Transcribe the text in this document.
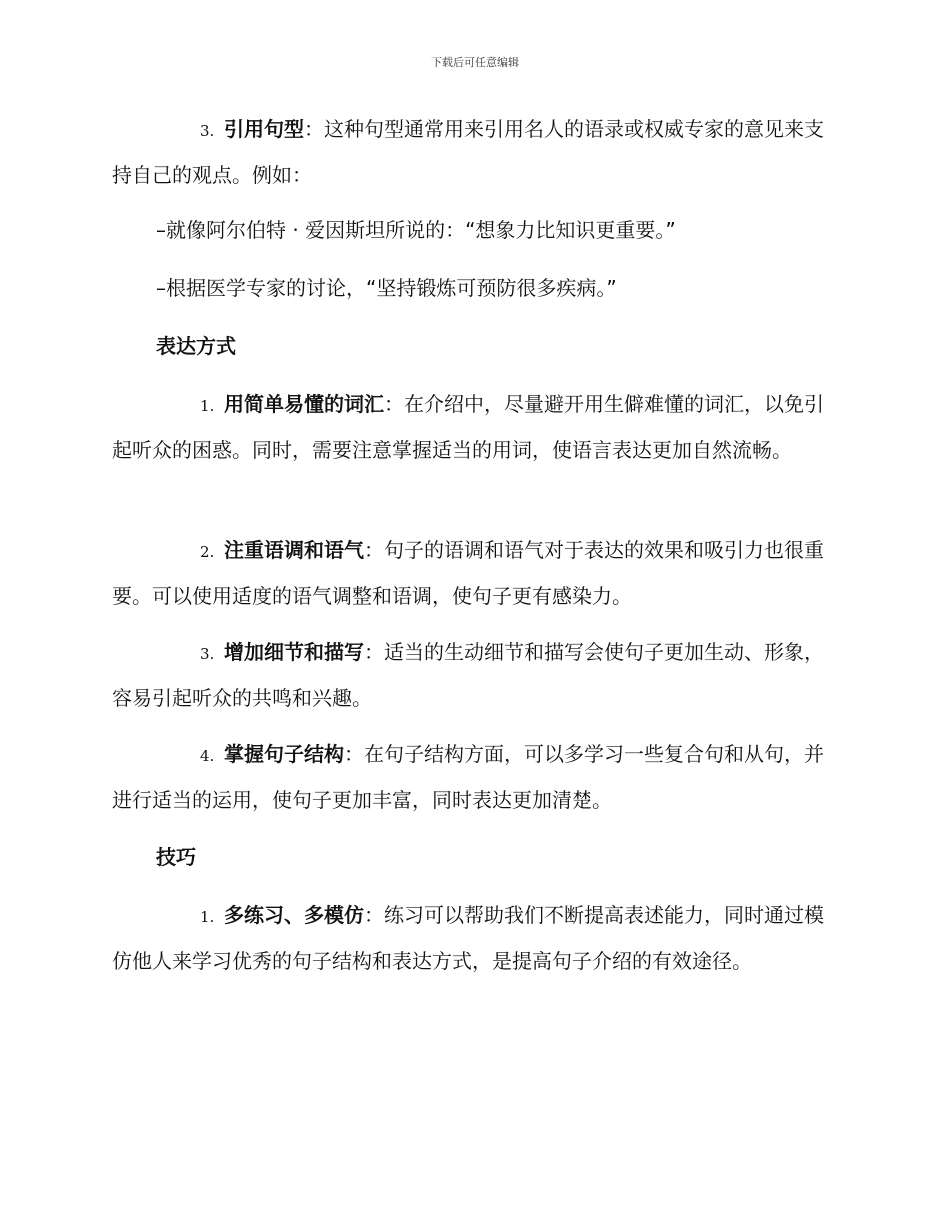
下载后可任意编辑
3. 引用句型：这种句型通常用来引用名人的语录或权威专家的意见来支持自己的观点。例如：
–就像阿尔伯特 · 爱因斯坦所说的：“想象力比知识更重要。”
–根据医学专家的讨论，“坚持锻炼可预防很多疾病。”
表达方式
1. 用简单易懂的词汇：在介绍中，尽量避开用生僻难懂的词汇，以免引起听众的困惑。同时，需要注意掌握适当的用词，使语言表达更加自然流畅。
2. 注重语调和语气：句子的语调和语气对于表达的效果和吸引力也很重要。可以使用适度的语气调整和语调，使句子更有感染力。
3. 增加细节和描写：适当的生动细节和描写会使句子更加生动、形象，容易引起听众的共鸣和兴趣。
4. 掌握句子结构：在句子结构方面，可以多学习一些复合句和从句，并进行适当的运用，使句子更加丰富，同时表达更加清楚。
技巧
1. 多练习、多模仿：练习可以帮助我们不断提高表述能力，同时通过模仿他人来学习优秀的句子结构和表达方式，是提高句子介绍的有效途径。
